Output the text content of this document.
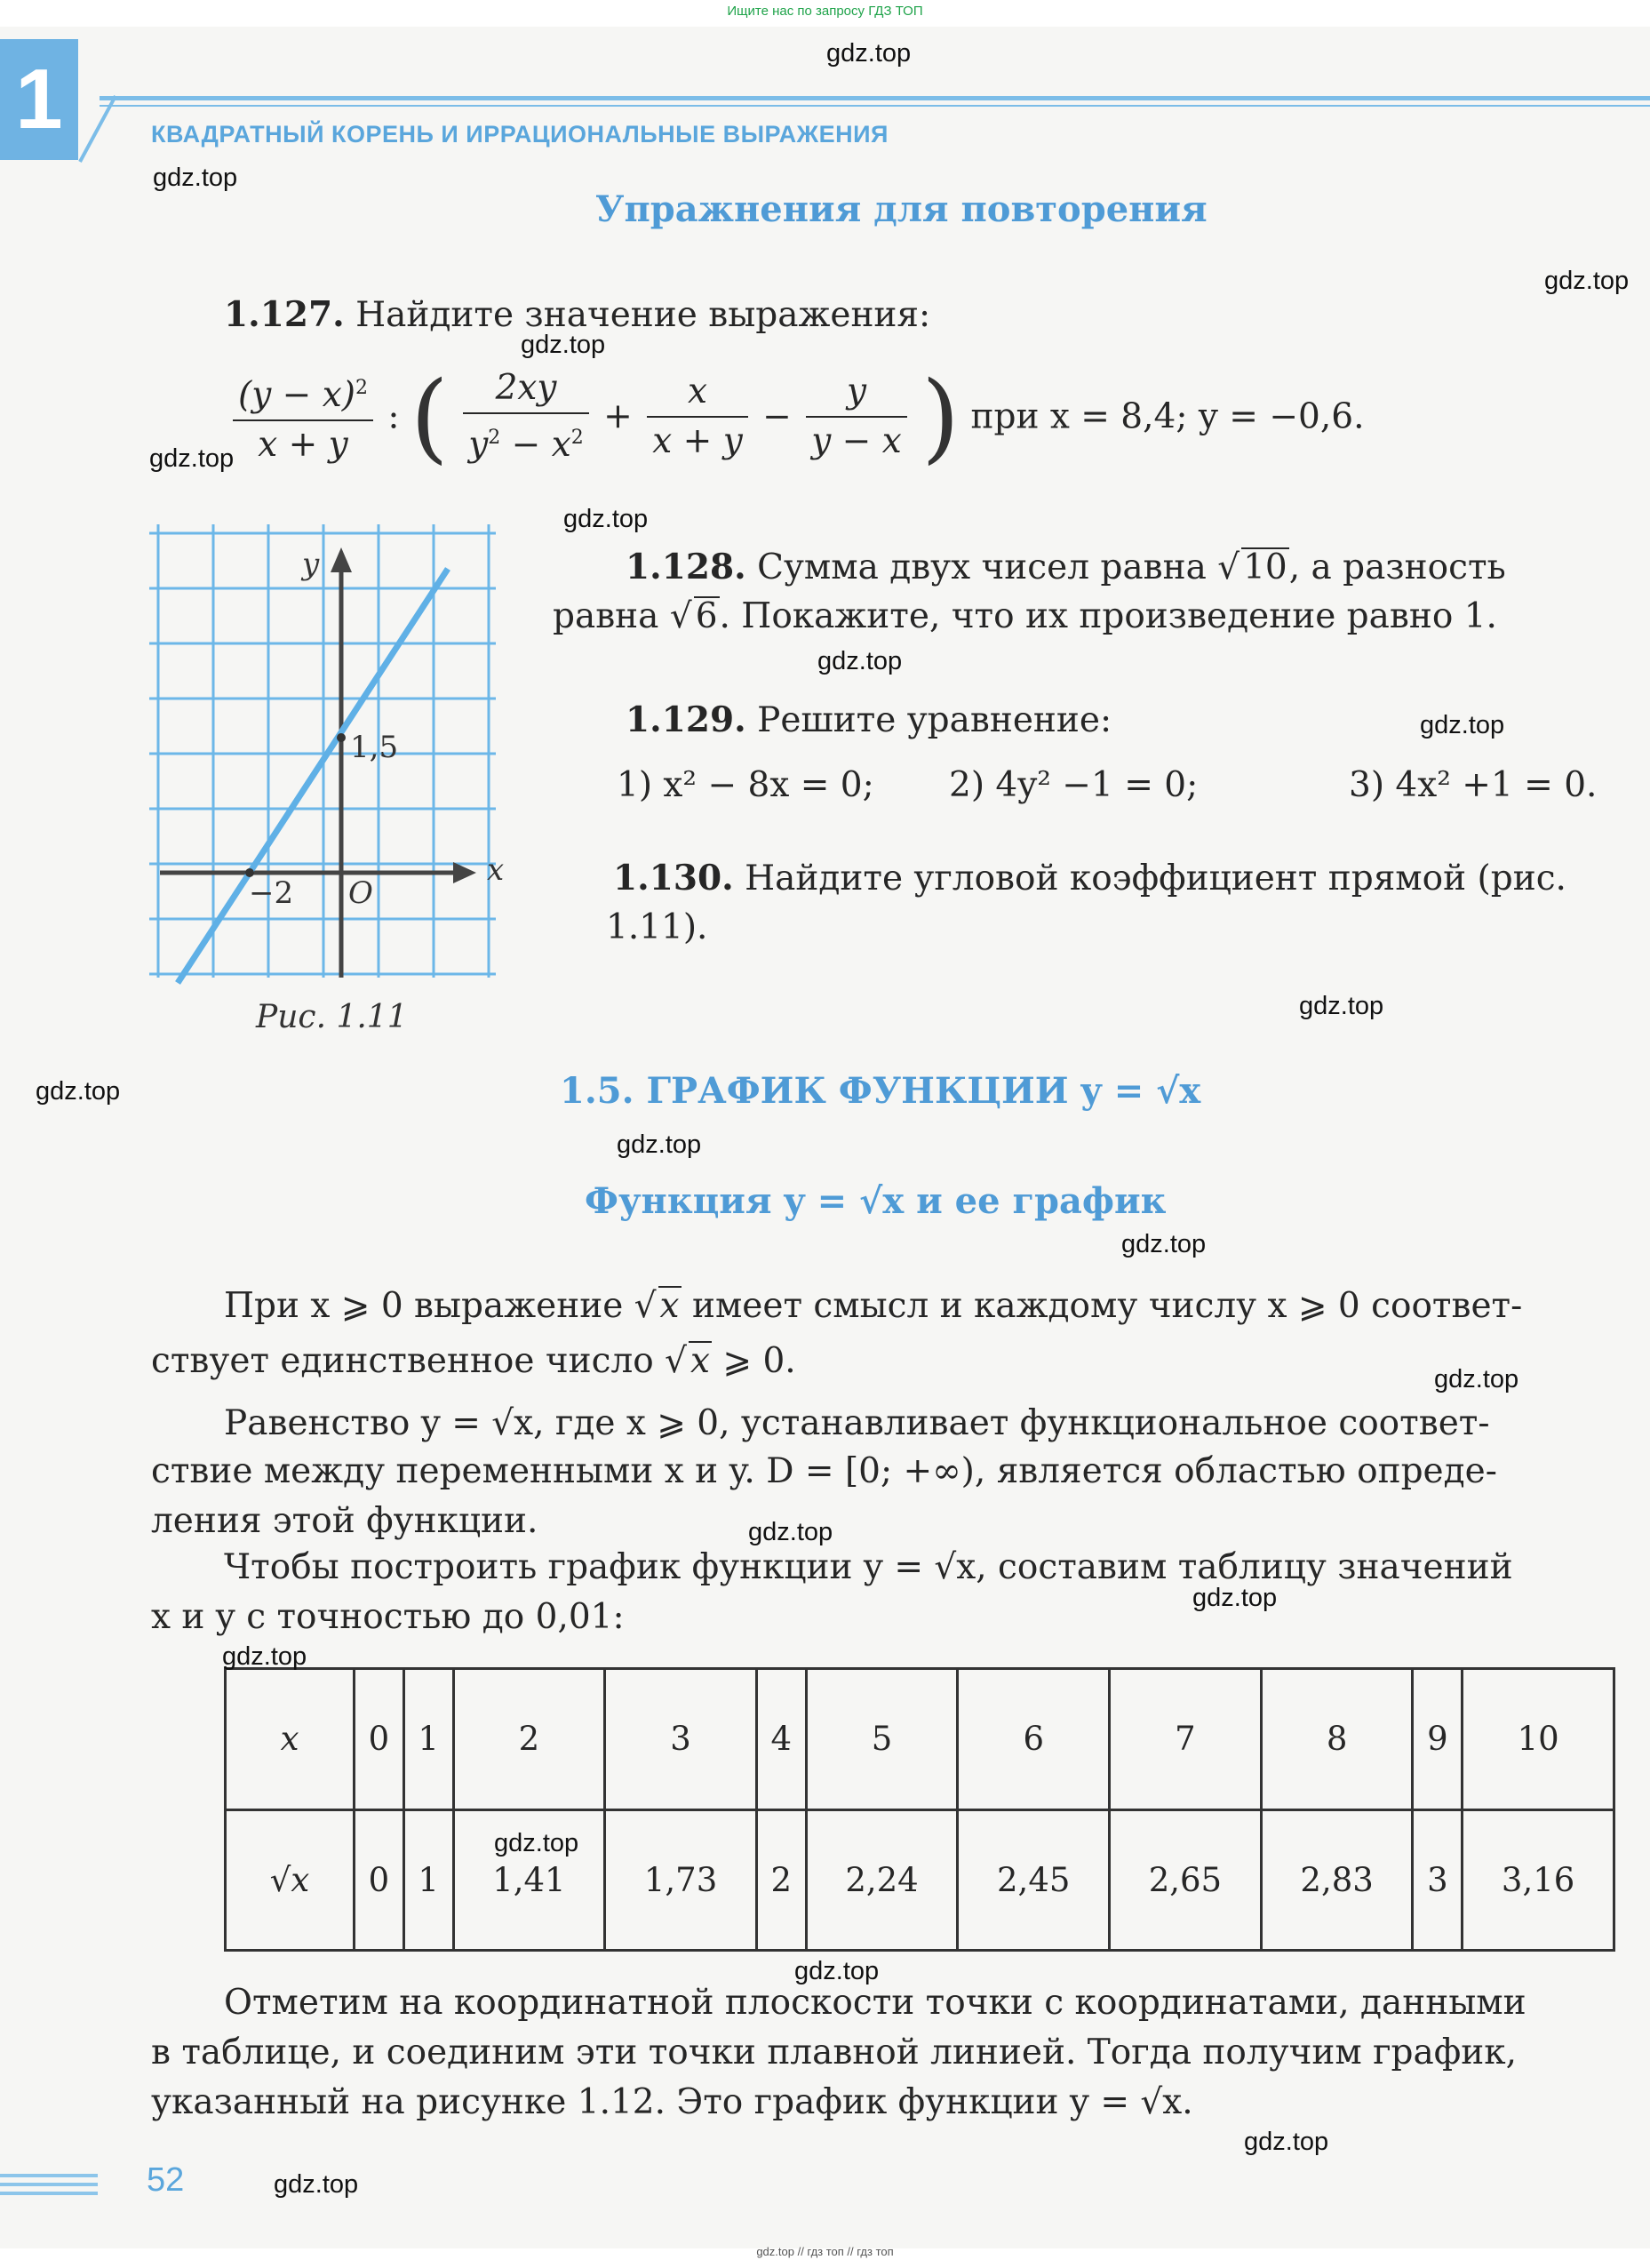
Ищите нас по запросу ГДЗ ТОП
1	КВАДРАТНЫЙ КОРЕНЬ И ИРРАЦИОНАЛЬНЫЕ ВЫРАЖЕНИЯ
Упражнения для повторения
1.127. Найдите значение выражения:
$\frac{(y - x)^2}{x + y}$ : ( $\frac{2xy}{y^2 - x^2} + \frac{x}{x + y} - \frac{y}{y - x}$ ) при x = 8,4; y = −0,6.
y
x
O
1,5
−2
Рис. 1.11
1.128. Сумма двух чисел равна √ 10, а разность
равна √ 6. Покажите, что их произведение равно 1.
1.129. Решите уравнение:
1) x² − 8x = 0; 2) 4y² −1 = 0;	3) 4x² +1 = 0.
1.130. Найдите угловой коэффициент прямой (рис.
1.11).
1.5. ГРАФИК ФУНКЦИИ y = √x
Функция y = √x и ее график
При x ⩾ 0 выражение √ x имеет смысл и каждому числу x ⩾ 0 соответ-
ствует единственное число √ x ⩾ 0.
Равенство y = √x, где x ⩾ 0, устанавливает функциональное соответ-
ствие между переменными x и y. D = [0; +∞), является областью опреде-
ления этой функции.
Чтобы построить график функции y = √x, составим таблицу значений
x и y с точностью до 0,01:
x	0	1	2	3	4	5	6	7	8	9	10
√x	0	1	1,41	1,73	2	2,24	2,45	2,65	2,83	3	3,16
Отметим на координатной плоскости точки с координатами, данными
в таблице, и соединим эти точки плавной линией. Тогда получим график,
указанный на рисунке 1.12. Это график функции y = √x.
52
gdz.top // гдз топ // гдз топ
gdz.top
gdz.top
gdz.top
gdz.top
gdz.top
gdz.top
gdz.top
gdz.top
gdz.top
gdz.top
gdz.top
gdz.top
gdz.top
gdz.top
gdz.top
gdz.top
gdz.top
gdz.top
gdz.top
gdz.top
